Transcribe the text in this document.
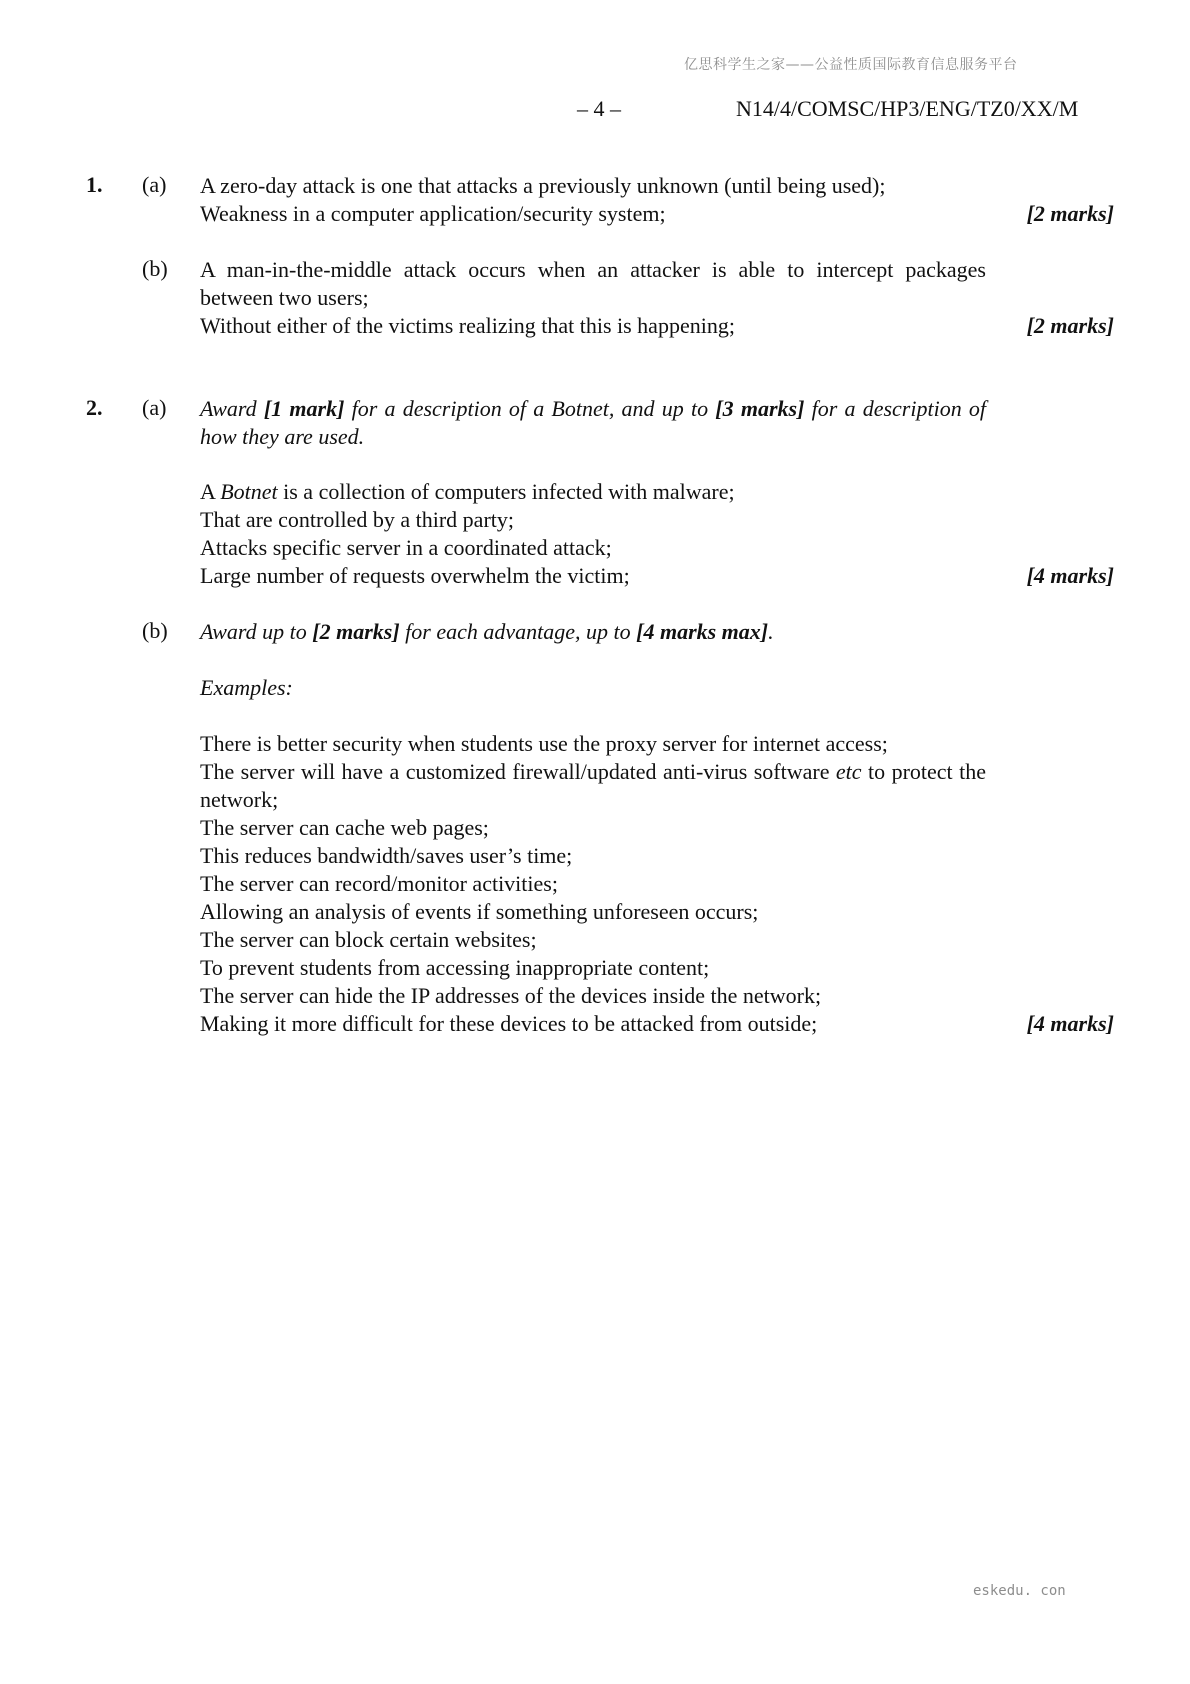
亿思科学生之家——公益性质国际教育信息服务平台
– 4 –	N14/4/COMSC/HP3/ENG/TZ0/XX/M
1. (a) A zero-day attack is one that attacks a previously unknown (until being used);
Weakness in a computer application/security system;	[2 marks]
(b) A man-in-the-middle attack occurs when an attacker is able to intercept packages between two users;
Without either of the victims realizing that this is happening;	[2 marks]
2. (a) Award [1 mark] for a description of a Botnet, and up to [3 marks] for a description of how they are used.
A Botnet is a collection of computers infected with malware;
That are controlled by a third party;
Attacks specific server in a coordinated attack;
Large number of requests overwhelm the victim;	[4 marks]
(b) Award up to [2 marks] for each advantage, up to [4 marks max].
Examples:
There is better security when students use the proxy server for internet access;
The server will have a customized firewall/updated anti-virus software etc to protect the network;
The server can cache web pages;
This reduces bandwidth/saves user’s time;
The server can record/monitor activities;
Allowing an analysis of events if something unforeseen occurs;
The server can block certain websites;
To prevent students from accessing inappropriate content;
The server can hide the IP addresses of the devices inside the network;
Making it more difficult for these devices to be attacked from outside;	[4 marks]
eskedu. con
